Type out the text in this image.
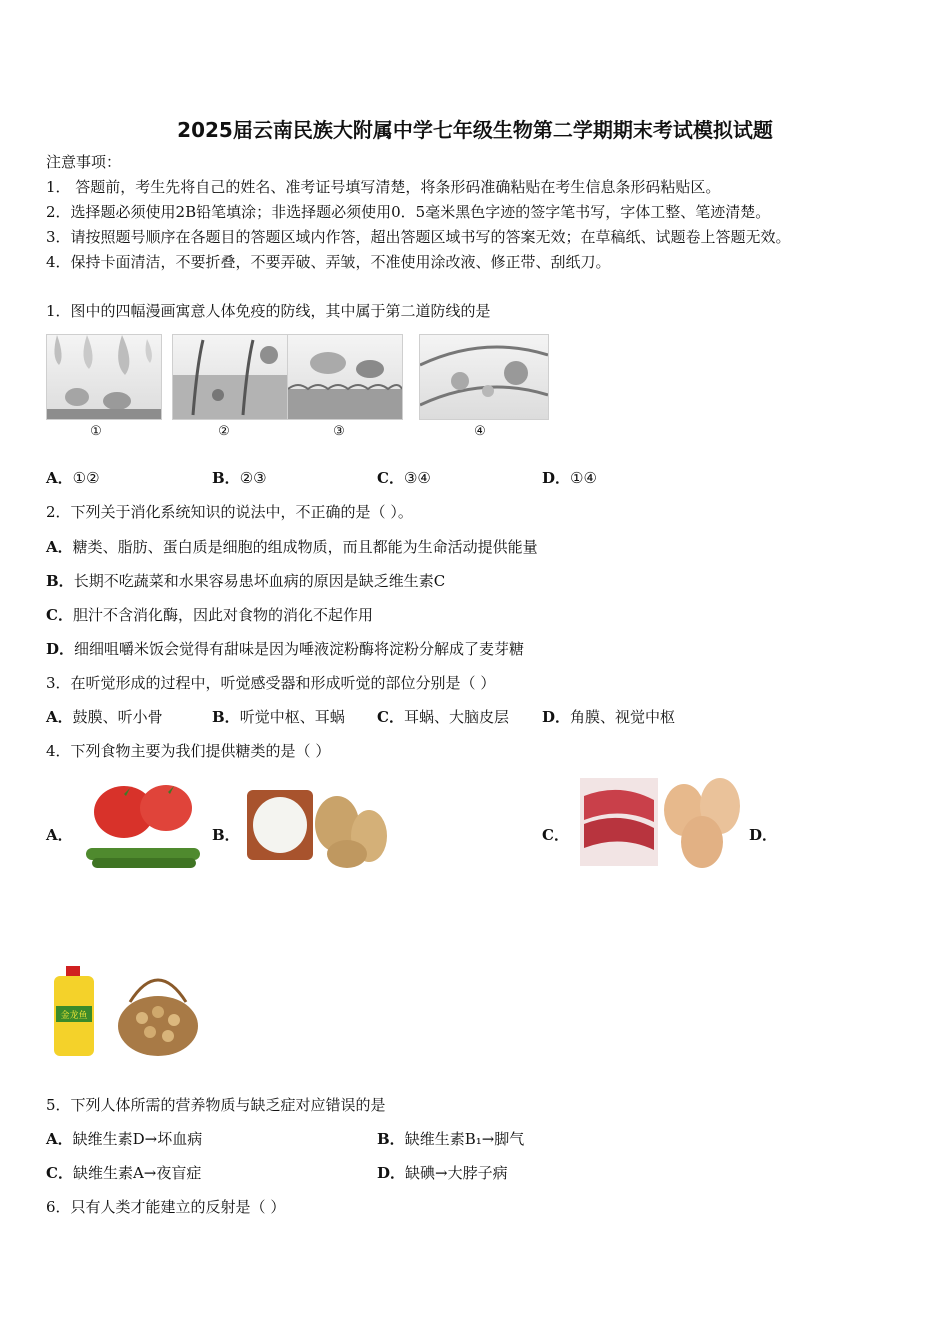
2025届云南民族大附属中学七年级生物第二学期期末考试模拟试题
注意事项：
1． 答题前，考生先将自己的姓名、准考证号填写清楚，将条形码准确粘贴在考生信息条形码粘贴区。
2．选择题必须使用2B铅笔填涂；非选择题必须使用0．5毫米黑色字迹的签字笔书写，字体工整、笔迹清楚。
3．请按照题号顺序在各题目的答题区域内作答，超出答题区域书写的答案无效；在草稿纸、试题卷上答题无效。
4．保持卡面清洁，不要折叠，不要弄破、弄皱，不准使用涂改液、修正带、刮纸刀。
1．图中的四幅漫画寓意人体免疫的防线，其中属于第二道防线的是
①	②	③	④
A．①②	B．②③	C．③④	D．①④
2．下列关于消化系统知识的说法中，不正确的是（ ）。
A．糖类、脂肪、蛋白质是细胞的组成物质，而且都能为生命活动提供能量
B．长期不吃蔬菜和水果容易患坏血病的原因是缺乏维生素C
C．胆汁不含消化酶，因此对食物的消化不起作用
D．细细咀嚼米饭会觉得有甜味是因为唾液淀粉酶将淀粉分解成了麦芽糖
3．在听觉形成的过程中，听觉感受器和形成听觉的部位分别是（ ）
A．鼓膜、听小骨	B．听觉中枢、耳蜗 C．耳蜗、大脑皮层 D．角膜、视觉中枢
4．下列食物主要为我们提供糖类的是（ ）
A．	B．	C．	D．
金龙鱼
5．下列人体所需的营养物质与缺乏症对应错误的是
A．缺维生素D→坏血病	B．缺维生素B₁→脚气
C．缺维生素A→夜盲症	D．缺碘→大脖子病
6．只有人类才能建立的反射是（ ）
